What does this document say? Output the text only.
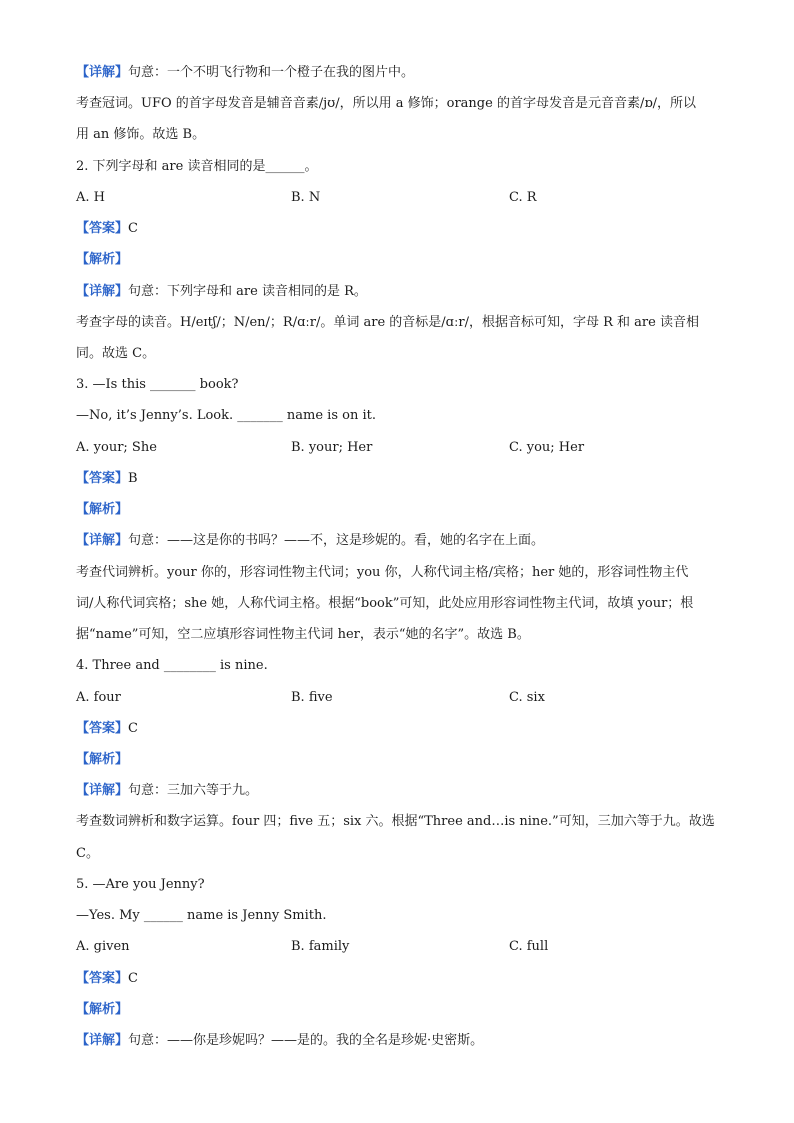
【详解】句意：一个不明飞行物和一个橙子在我的图片中。
考查冠词。UFO 的首字母发音是辅音音素/jʊ/，所以用 a 修饰；orange 的首字母发音是元音音素/ɒ/，所以
用 an 修饰。故选 B。
2. 下列字母和 are 读音相同的是______。
A. H	B. N	C. R
【答案】C
【解析】
【详解】句意：下列字母和 are 读音相同的是 R。
考查字母的读音。H/eɪtʃ/；N/en/；R/ɑːr/。单词 are 的音标是/ɑːr/，根据音标可知，字母 R 和 are 读音相
同。故选 C。
3. —Is this _______ book?
—No, it’s Jenny’s. Look. _______ name is on it.
A. your; She	B. your; Her	C. you; Her
【答案】B
【解析】
【详解】句意：——这是你的书吗？——不，这是珍妮的。看，她的名字在上面。
考查代词辨析。your 你的，形容词性物主代词；you 你，人称代词主格/宾格；her 她的，形容词性物主代
词/人称代词宾格；she 她，人称代词主格。根据“book”可知，此处应用形容词性物主代词，故填 your；根
据“name”可知，空二应填形容词性物主代词 her，表示“她的名字”。故选 B。
4. Three and ________ is nine.
A. four	B. five	C. six
【答案】C
【解析】
【详解】句意：三加六等于九。
考查数词辨析和数字运算。four 四；five 五；six 六。根据“Three and…is nine.”可知，三加六等于九。故选
C。
5. —Are you Jenny?
—Yes. My ______ name is Jenny Smith.
A. given	B. family	C. full
【答案】C
【解析】
【详解】句意：——你是珍妮吗？——是的。我的全名是珍妮·史密斯。
